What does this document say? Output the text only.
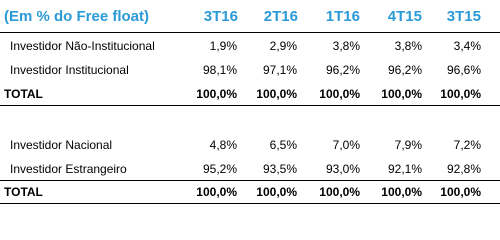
(Em % do Free float)	3T16	2T16	1T16	4T15	3T15
Investidor Não-Institucional	1,9%	2,9%	3,8%	3,8%	3,4%
Investidor Institucional	98,1%	97,1%	96,2%	96,2%	96,6%
TOTAL	100,0%	100,0%	100,0%	100,0%	100,0%
Investidor Nacional	4,8%	6,5%	7,0%	7,9%	7,2%
Investidor Estrangeiro	95,2%	93,5%	93,0%	92,1%	92,8%
TOTAL	100,0%	100,0%	100,0%	100,0%	100,0%
